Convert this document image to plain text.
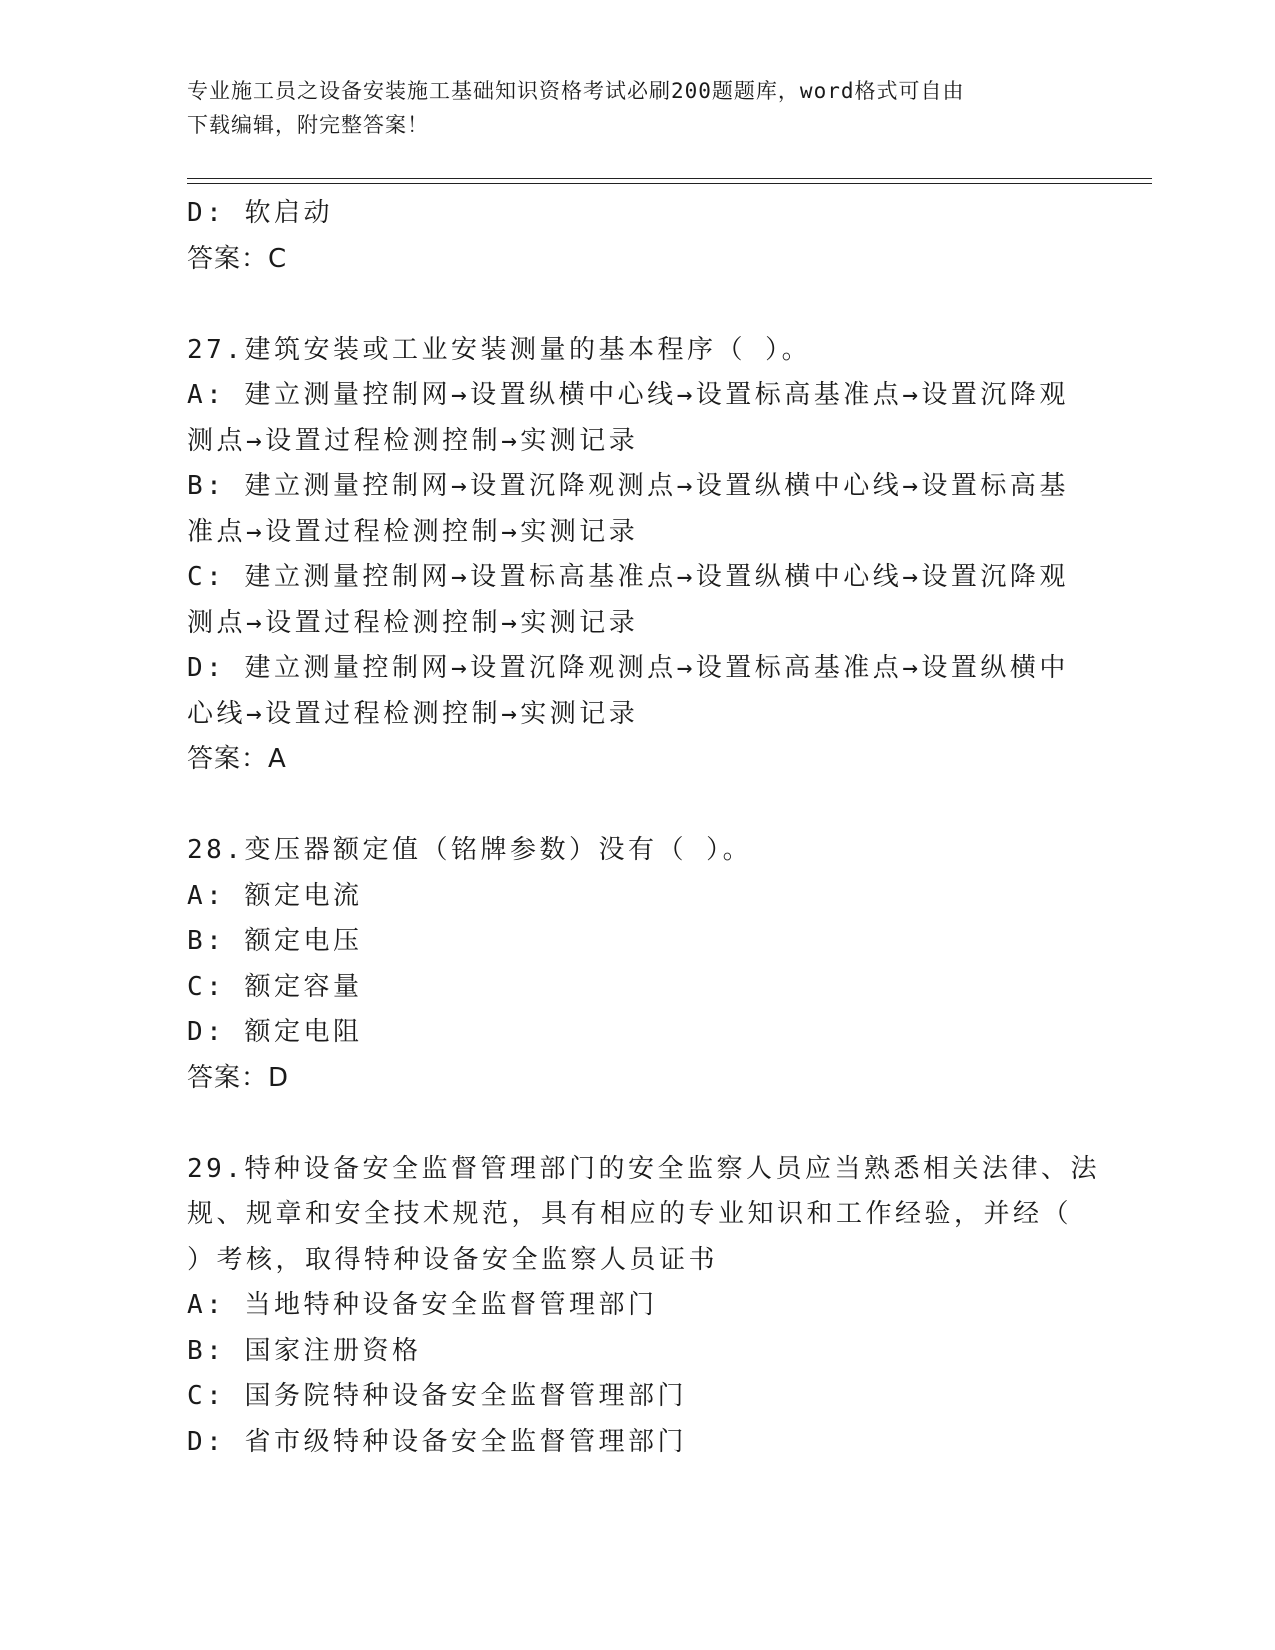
专业施工员之设备安装施工基础知识资格考试必刷200题题库，word格式可自由
下载编辑，附完整答案！
D: 软启动
答案：C
27.建筑安装或工业安装测量的基本程序（ ）。
A: 建立测量控制网→设置纵横中心线→设置标高基准点→设置沉降观
测点→设置过程检测控制→实测记录
B: 建立测量控制网→设置沉降观测点→设置纵横中心线→设置标高基
准点→设置过程检测控制→实测记录
C: 建立测量控制网→设置标高基准点→设置纵横中心线→设置沉降观
测点→设置过程检测控制→实测记录
D: 建立测量控制网→设置沉降观测点→设置标高基准点→设置纵横中
心线→设置过程检测控制→实测记录
答案：A
28.变压器额定值（铭牌参数）没有（ ）。
A: 额定电流
B: 额定电压
C: 额定容量
D: 额定电阻
答案：D
29.特种设备安全监督管理部门的安全监察人员应当熟悉相关法律、法
规、规章和安全技术规范，具有相应的专业知识和工作经验，并经（
）考核，取得特种设备安全监察人员证书
A: 当地特种设备安全监督管理部门
B: 国家注册资格
C: 国务院特种设备安全监督管理部门
D: 省市级特种设备安全监督管理部门
